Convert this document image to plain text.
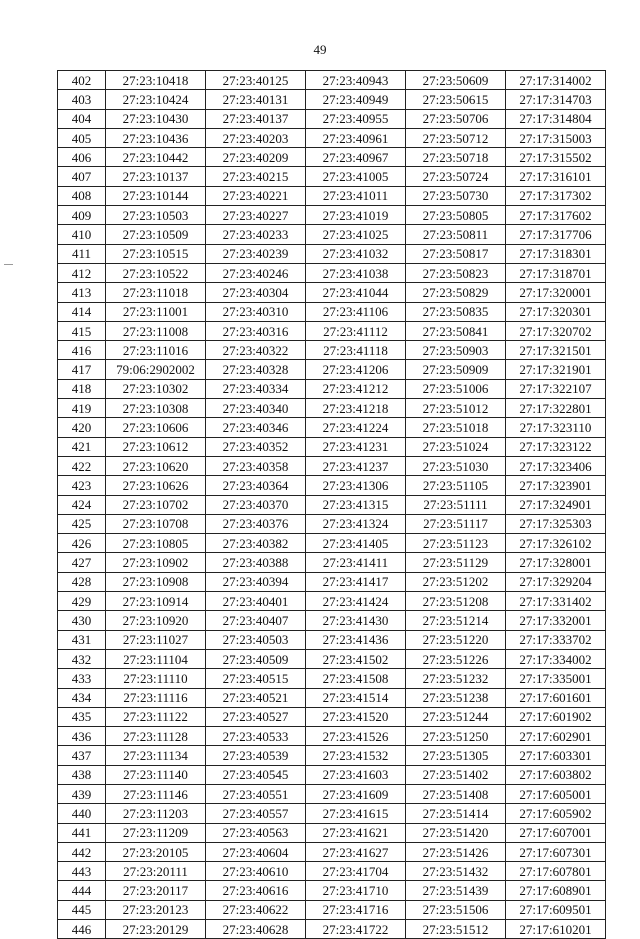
49
402	27:23:10418	27:23:40125	27:23:40943	27:23:50609	27:17:314002
403	27:23:10424	27:23:40131	27:23:40949	27:23:50615	27:17:314703
404	27:23:10430	27:23:40137	27:23:40955	27:23:50706	27:17:314804
405	27:23:10436	27:23:40203	27:23:40961	27:23:50712	27:17:315003
406	27:23:10442	27:23:40209	27:23:40967	27:23:50718	27:17:315502
407	27:23:10137	27:23:40215	27:23:41005	27:23:50724	27:17:316101
408	27:23:10144	27:23:40221	27:23:41011	27:23:50730	27:17:317302
409	27:23:10503	27:23:40227	27:23:41019	27:23:50805	27:17:317602
410	27:23:10509	27:23:40233	27:23:41025	27:23:50811	27:17:317706
411	27:23:10515	27:23:40239	27:23:41032	27:23:50817	27:17:318301
412	27:23:10522	27:23:40246	27:23:41038	27:23:50823	27:17:318701
413	27:23:11018	27:23:40304	27:23:41044	27:23:50829	27:17:320001
414	27:23:11001	27:23:40310	27:23:41106	27:23:50835	27:17:320301
415	27:23:11008	27:23:40316	27:23:41112	27:23:50841	27:17:320702
416	27:23:11016	27:23:40322	27:23:41118	27:23:50903	27:17:321501
417	79:06:2902002	27:23:40328	27:23:41206	27:23:50909	27:17:321901
418	27:23:10302	27:23:40334	27:23:41212	27:23:51006	27:17:322107
419	27:23:10308	27:23:40340	27:23:41218	27:23:51012	27:17:322801
420	27:23:10606	27:23:40346	27:23:41224	27:23:51018	27:17:323110
421	27:23:10612	27:23:40352	27:23:41231	27:23:51024	27:17:323122
422	27:23:10620	27:23:40358	27:23:41237	27:23:51030	27:17:323406
423	27:23:10626	27:23:40364	27:23:41306	27:23:51105	27:17:323901
424	27:23:10702	27:23:40370	27:23:41315	27:23:51111	27:17:324901
425	27:23:10708	27:23:40376	27:23:41324	27:23:51117	27:17:325303
426	27:23:10805	27:23:40382	27:23:41405	27:23:51123	27:17:326102
427	27:23:10902	27:23:40388	27:23:41411	27:23:51129	27:17:328001
428	27:23:10908	27:23:40394	27:23:41417	27:23:51202	27:17:329204
429	27:23:10914	27:23:40401	27:23:41424	27:23:51208	27:17:331402
430	27:23:10920	27:23:40407	27:23:41430	27:23:51214	27:17:332001
431	27:23:11027	27:23:40503	27:23:41436	27:23:51220	27:17:333702
432	27:23:11104	27:23:40509	27:23:41502	27:23:51226	27:17:334002
433	27:23:11110	27:23:40515	27:23:41508	27:23:51232	27:17:335001
434	27:23:11116	27:23:40521	27:23:41514	27:23:51238	27:17:601601
435	27:23:11122	27:23:40527	27:23:41520	27:23:51244	27:17:601902
436	27:23:11128	27:23:40533	27:23:41526	27:23:51250	27:17:602901
437	27:23:11134	27:23:40539	27:23:41532	27:23:51305	27:17:603301
438	27:23:11140	27:23:40545	27:23:41603	27:23:51402	27:17:603802
439	27:23:11146	27:23:40551	27:23:41609	27:23:51408	27:17:605001
440	27:23:11203	27:23:40557	27:23:41615	27:23:51414	27:17:605902
441	27:23:11209	27:23:40563	27:23:41621	27:23:51420	27:17:607001
442	27:23:20105	27:23:40604	27:23:41627	27:23:51426	27:17:607301
443	27:23:20111	27:23:40610	27:23:41704	27:23:51432	27:17:607801
444	27:23:20117	27:23:40616	27:23:41710	27:23:51439	27:17:608901
445	27:23:20123	27:23:40622	27:23:41716	27:23:51506	27:17:609501
446	27:23:20129	27:23:40628	27:23:41722	27:23:51512	27:17:610201
